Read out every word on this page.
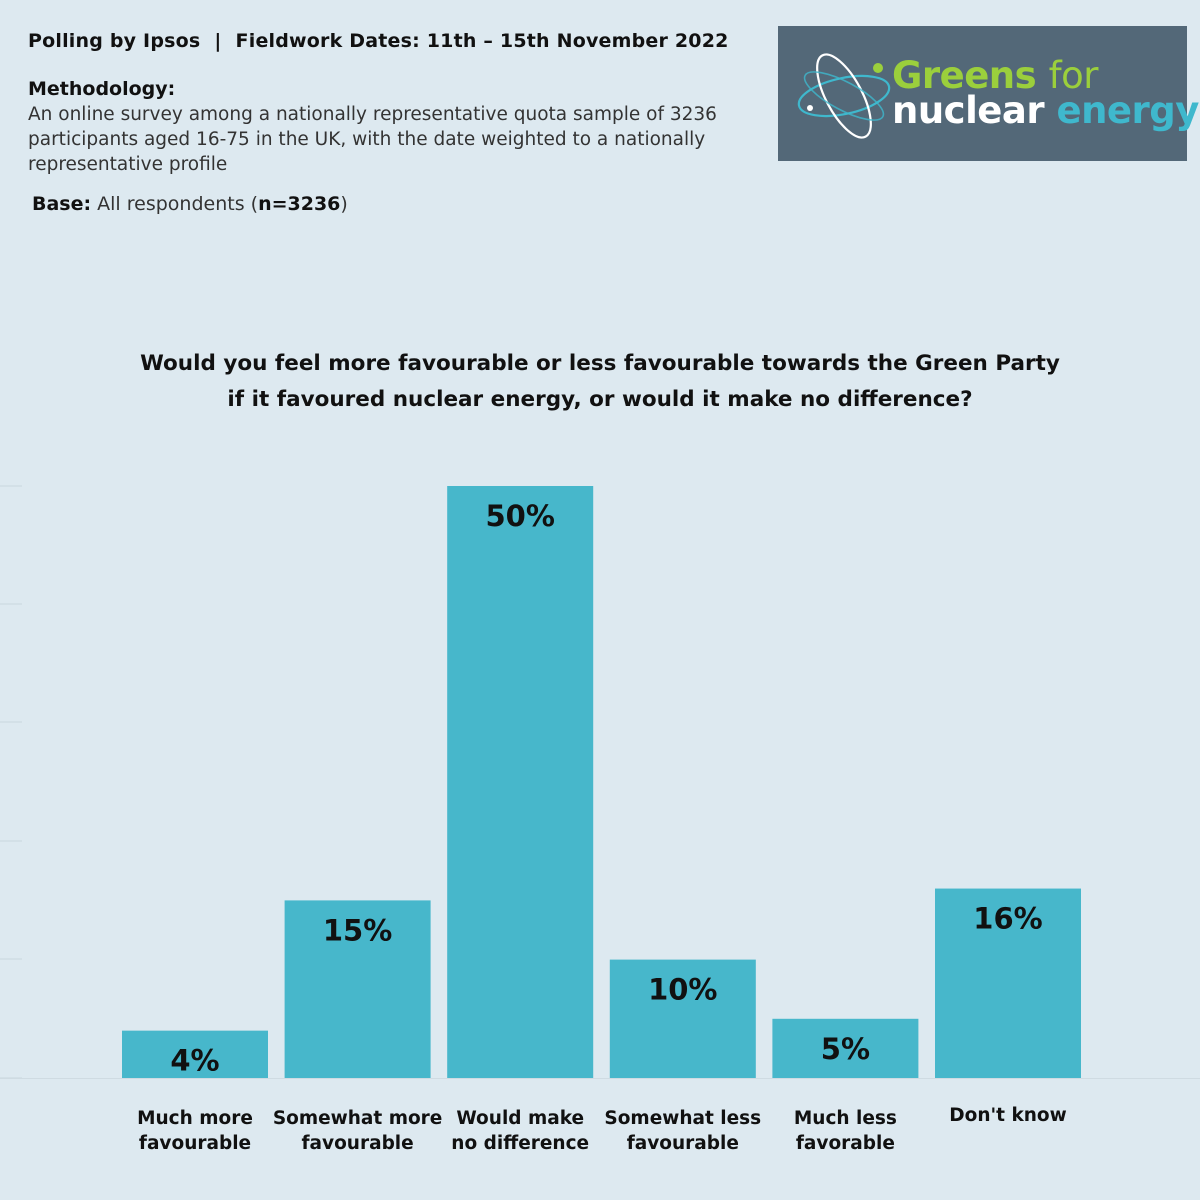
Polling by Ipsos | Fieldwork Dates: 11th – 15th November 2022
Methodology:
An online survey among a nationally representative quota sample of 3236 participants aged 16-75 in the UK, with the date weighted to a nationally representative profile
Base: All respondents (n=3236)
Greens for
nuclear energy
Would you feel more favourable or less favourable towards the Green Party
if it favoured nuclear energy, or would it make no difference?
4%
Much more
favourable
15%
Somewhat more
favourable
50%
Would make
no difference
10%
Somewhat less
favourable
5%
Much less
favorable
16%
Don't know
